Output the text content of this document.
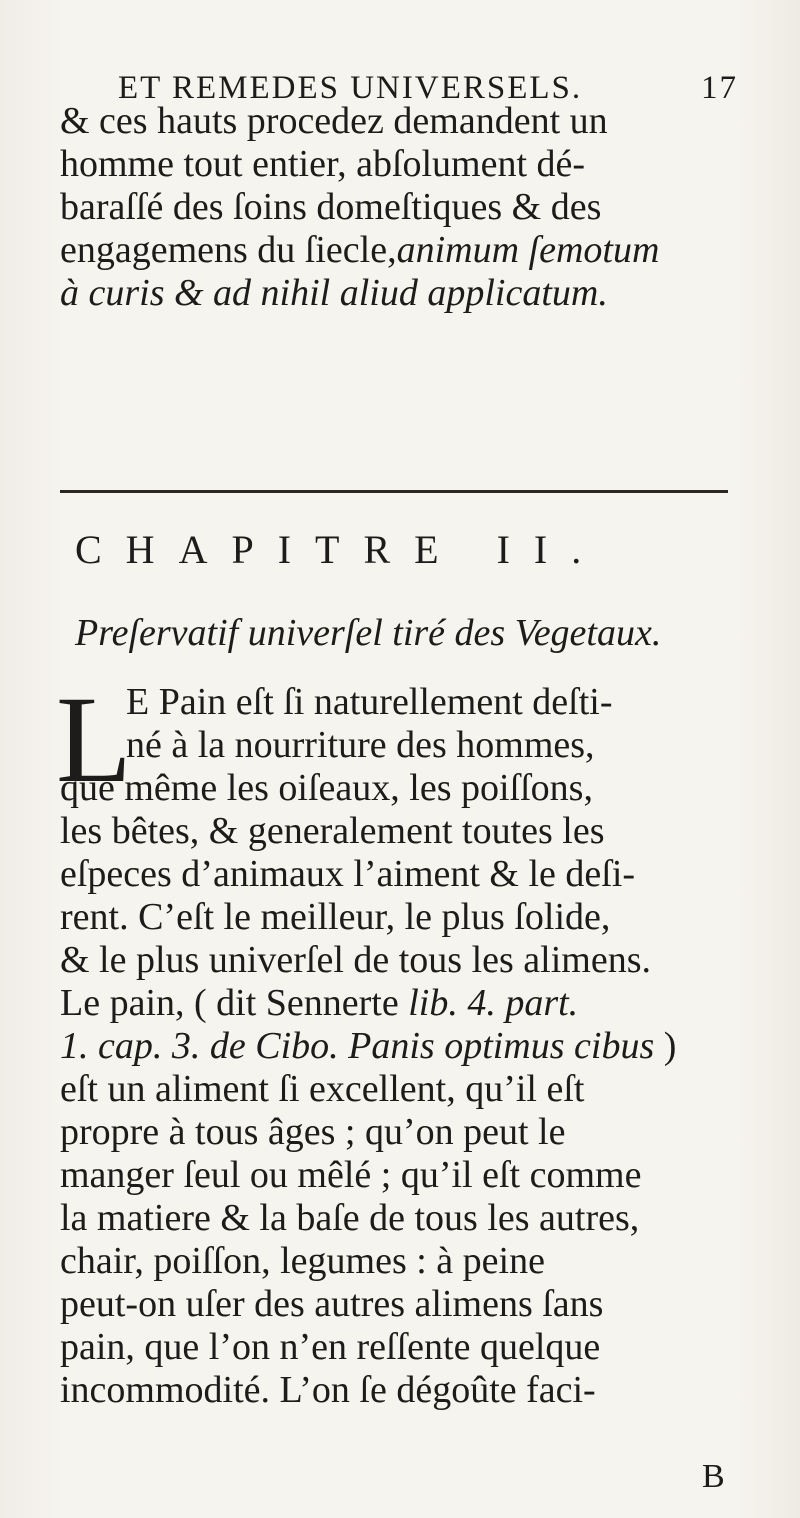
ET REMEDES UNIVERSELS.	17
& ces hauts procedez demandent un
homme tout entier, abſolument dé-
baraſſé des ſoins domeſtiques & des
engagemens du ſiecle,animum ſemotum
à curis & ad nihil aliud applicatum.
CHAPITRE II.
Preſervatif univerſel tiré des Vegetaux.
L
E Pain eſt ſi naturellement deſti-
né à la nourriture des hommes,
que même les oiſeaux, les poiſſons,
les bêtes, & generalement toutes les
eſpeces d’animaux l’aiment & le deſi-
rent. C’eſt le meilleur, le plus ſolide,
& le plus univerſel de tous les alimens.
Le pain, ( dit Sennerte lib. 4. part.
1. cap. 3. de Cibo. Panis optimus cibus )
eſt un aliment ſi excellent, qu’il eſt
propre à tous âges ; qu’on peut le
manger ſeul ou mêlé ; qu’il eſt comme
la matiere & la baſe de tous les autres,
chair, poiſſon, legumes : à peine
peut-on uſer des autres alimens ſans
pain, que l’on n’en reſſente quelque
incommodité. L’on ſe dégoûte faci-
B
